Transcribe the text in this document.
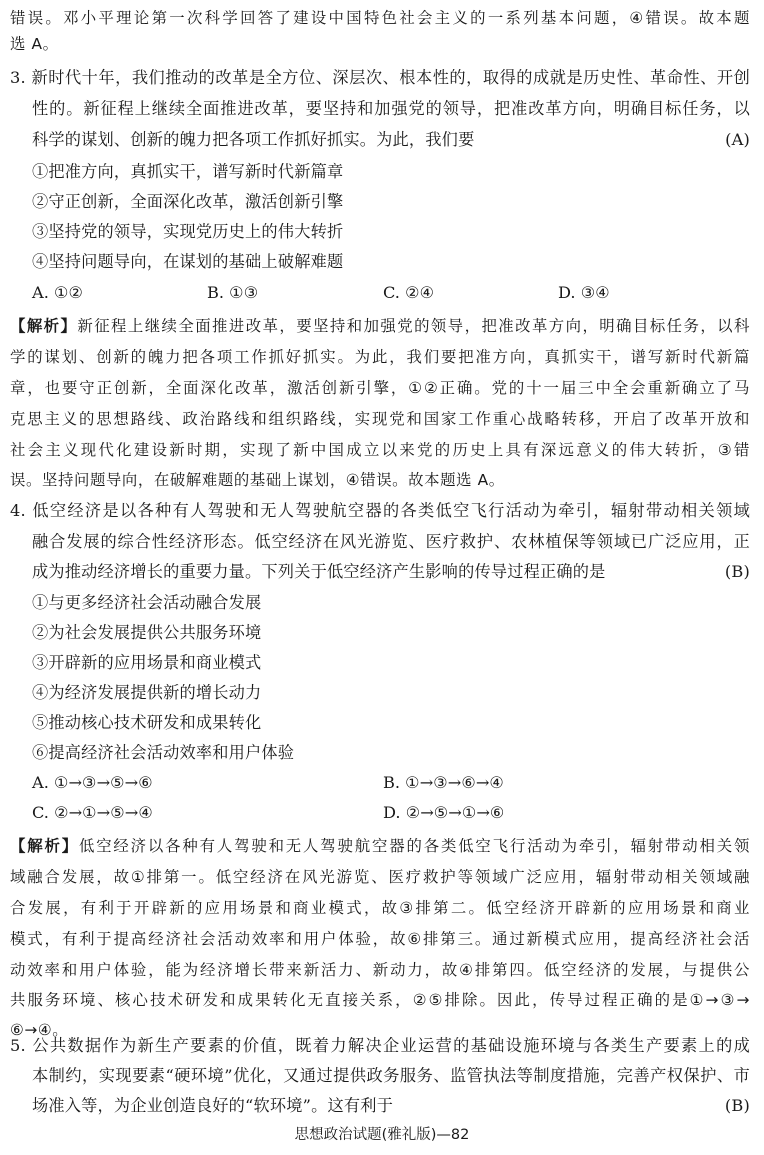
错误。邓小平理论第一次科学回答了建设中国特色社会主义的一系列基本问题，④错误。故本题
选 A。
3. 新时代十年，我们推动的改革是全方位、深层次、根本性的，取得的成就是历史性、革命性、开创
性的。新征程上继续全面推进改革，要坚持和加强党的领导，把准改革方向，明确目标任务，以
科学的谋划、创新的魄力把各项工作抓好抓实。为此，我们要	(A)
①把准方向，真抓实干，谱写新时代新篇章
②守正创新，全面深化改革，激活创新引擎
③坚持党的领导，实现党历史上的伟大转折
④坚持问题导向，在谋划的基础上破解难题
A. ①②	B. ①③	C. ②④	D. ③④
【解析】新征程上继续全面推进改革，要坚持和加强党的领导，把准改革方向，明确目标任务，以科
学的谋划、创新的魄力把各项工作抓好抓实。为此，我们要把准方向，真抓实干，谱写新时代新篇
章，也要守正创新，全面深化改革，激活创新引擎，①②正确。党的十一届三中全会重新确立了马
克思主义的思想路线、政治路线和组织路线，实现党和国家工作重心战略转移，开启了改革开放和
社会主义现代化建设新时期，实现了新中国成立以来党的历史上具有深远意义的伟大转折，③错
误。坚持问题导向，在破解难题的基础上谋划，④错误。故本题选 A。
4. 低空经济是以各种有人驾驶和无人驾驶航空器的各类低空飞行活动为牵引，辐射带动相关领域
融合发展的综合性经济形态。低空经济在风光游览、医疗救护、农林植保等领域已广泛应用，正
成为推动经济增长的重要力量。下列关于低空经济产生影响的传导过程正确的是	(B)
①与更多经济社会活动融合发展
②为社会发展提供公共服务环境
③开辟新的应用场景和商业模式
④为经济发展提供新的增长动力
⑤推动核心技术研发和成果转化
⑥提高经济社会活动效率和用户体验
A. ①→③→⑤→⑥	B. ①→③→⑥→④
C. ②→①→⑤→④	D. ②→⑤→①→⑥
【解析】低空经济以各种有人驾驶和无人驾驶航空器的各类低空飞行活动为牵引，辐射带动相关领
域融合发展，故①排第一。低空经济在风光游览、医疗救护等领域广泛应用，辐射带动相关领域融
合发展，有利于开辟新的应用场景和商业模式，故③排第二。低空经济开辟新的应用场景和商业
模式，有利于提高经济社会活动效率和用户体验，故⑥排第三。通过新模式应用，提高经济社会活
动效率和用户体验，能为经济增长带来新活力、新动力，故④排第四。低空经济的发展，与提供公
共服务环境、核心技术研发和成果转化无直接关系，②⑤排除。因此，传导过程正确的是①→③→
⑥→④。
5. 公共数据作为新生产要素的价值，既着力解决企业运营的基础设施环境与各类生产要素上的成
本制约，实现要素“硬环境”优化，又通过提供政务服务、监管执法等制度措施，完善产权保护、市
场准入等，为企业创造良好的“软环境”。这有利于	(B)
思想政治试题(雅礼版)—82
